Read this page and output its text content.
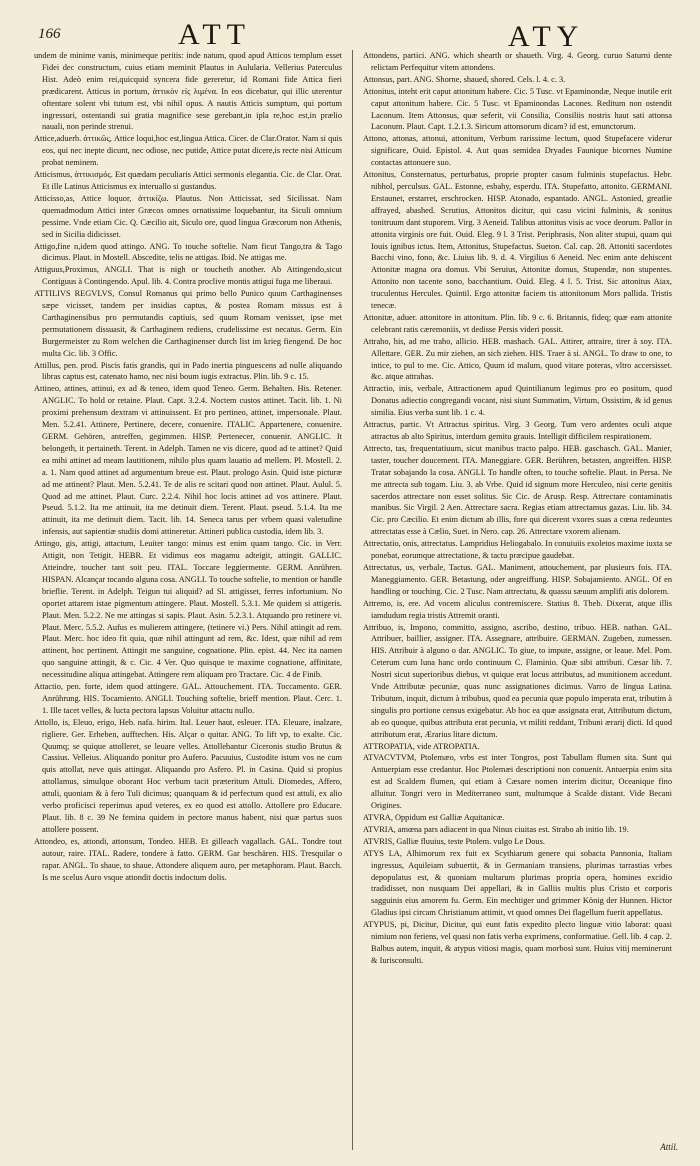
166	ATT	ATY

undem de minime vanis, minimeque peritis: inde natum, quod apud Atticos templum esset Fidei dec constructum, cuius etiam meminit Plautus in Aulularia. Vellerius Paterculus Hist. Adeò enim rei,quicquid syncera fide gereretur, id Romani fide Attica fieri prædicarent. Atticus in portum, ἀττικὸν εἰς λιμένα. In eos dicebatur, qui illic uterentur oftentare solent vbi tutum est, vbi nihil opus. A nautis Atticis sumptum, qui portum ingressuri, ostentandi sui gratia magnifice sese gerebant,in ipla re,hoc est,in prælio nauali, non perinde strenui.

Attice,aduerb. ἀττικῶς, Attice loqui,hoc est,lingua Attica. Cicer. de Clar.Orator. Nam si quis eos, qui nec inepte dicunt, nec odiose, nec putide, Attice putat dicere,is recte nisi Atticum probat neminem.

Atticismus, ἀττικισμός. Est quædam peculiaris Attici sermonis elegantia. Cic. de Clar. Orat. Et ille Latinus Atticismus ex interuallo si gustandus.

Atticisso,as, Attice loquor, ἀττικίζω. Plautus. Non Atticissat, sed Sicilissat. Nam quemadmodum Attici inter Græcos omnes ornatissime loquebantur, ita Siculi omnium pessime. Vnde etiam Cic. Q. Cæcilio ait, Siculo ore, quod lingua Græcorum non Athenis, sed in Sicilia didicisset.

Attigo,fine n,idem quod attingo. ANG. To touche softelie. Nam ficut Tango,tra & Tago dicimus. Plaut. in Mostell. Abscedite, telis ne attigas. Ibid. Ne attigas me.

Attiguus,Proximus, ANGLI. That is nigh or toucheth another. Ab Attingendo,sicut Contiguus à Contingendo. Apul. lib. 4. Contra proclive montis attigui fuga me liberaui.

ATTILIVS REGVLVS, Consul Romanus qui primo bello Punico quum Carthaginenses sæpe vicisset, tandem per insidias captus, & postea Romam missus est à Carthaginensibus pro permutandis captiuis, sed quum Romam venisset, ipse met permutationem dissuasit, & Carthaginem rediens, crudelissime est necatus. Germ. Ein Burgermeister zu Rom welchen die Carthaginenser durch list im krieg fiengend. De hoc multa Cic. lib. 3 Offic.

Attillus, pen. prod. Piscis fatis grandis, qui in Pado inertia pinguescens ad nulle aliquando libras captus est, catenato hamo, nec nisi boum iugis extractus. Plin. lib. 9 c. 15.

Attineo, attines, attinui, ex ad & teneo, idem quod Teneo. Germ. Behalten. His. Retener. ANGLIC. To hold or retaine. Plaut. Capt. 3.2.4. Noctem custos attinet. Tacit. lib. 1. Ni proximi prehensum dextram vi attinuissent. Et pro pertineo, attinet, impersonale. Plaut. Men. 5.2.41. Attinere, Pertinere, decere, conuenire. ITALIC. Appartenere, conuenire. GERM. Gehören, antreffen, gegimmen. HISP. Pertenecer, conuenir. ANGLIC. It belongeth, it pertaineth. Terent. in Adelph. Tamen ne vis dicere, quod ad te attinet? Quid ea mihi attinet ad meam lautitionem, nihilo plus quam lauatio ad mellem. Pl. Mostell. 2. a. 1. Nam quod attinet ad argumentum breue est. Plaut. prologo Asin. Quid istæ picturæ ad me attinent? Plaut. Men. 5.2.41. Te de alis re scitari quod non attinet. Plaut. Aulul. 5. Quod ad me attinet. Plaut. Curc. 2.2.4. Nihil hoc locis attinet ad vos attinere. Plaut. Pseud. 5.1.2. Ita me attinuit, ita me detinuit diem. Terent. Plaut. pseud. 5.1.4. Ita me attinuit, ita me detinuit diem. Tacit. lib. 14. Seneca tarus per vrbem quasi valetudine infensis, aut sapientiæ studiis domi attineretur. Attineri publica custodia, idem lib. 3.

Attingo, gis, attigi, attactum, Leuiter tango: minus est enim quam tango. Cic. in Verr. Attigit, non Tetigit. HEBR. Et vidimus eos magamu adteigit, attingit. GALLIC. Atteindre, toucher tant soit peu. ITAL. Toccare leggiermente. GERM. Anrühren. HISPAN. Alcançar tocando alguna cosa. ANGLI. To touche softelie, to mention or handle brieflie. Terent. in Adelph. Teigun tui aliquid? ad Sl. attigisset, ferres infortunium. No oportet attarem istae pigmentum attingere. Plaut. Mostell. 5.3.1. Me quidem si attigeris. Plaut. Men. 5.2.2. Ne me attingas si sapis. Plaut. Asin. 5.2.3.1. Atquando pro retinere vi. Plaut. Merc. 5.5.2. Aufus es mulierem attingere, (tetinere vi.) Pers. Nihil attingit ad rem. Plaut. Merc. hoc ideo fit quia, quæ nihil attingunt ad rem, &c. Idest, quæ nihil ad rem attinent, hoc pertinent. Attingit me sanguine, cognatione. Plin. epist. 44. Nec ita namen quo sanguine attingit, & c. Cic. 4 Ver. Quo quisque te maxime cognatione, affinitate, necessitudine aliqua attingebat. Attingere rem aliquam pro Tractare. Cic. 4 de Finib.

Attactio, pen. forte, idem quod attingere. GAL. Attouchement. ITA. Toccamento. GER. Anrührung. HIS. Tocamiento. ANGLI. Touching softelie, brieff mention. Plaut. Cerc. 1. 1. Ille tacet velles, & lucta pectora lapsus Voluitur attactu nullo.

Attollo, is, Eleuo, erigo, Heb. nafa. hirim. Ital. Leuer haut, esleuer. ITA. Eleuare, inalzare, rigliere. Ger. Erheben, aufftechen. His. Alçar o quitar. ANG. To lift vp, to exalte. Cic. Quumq; se quique attolleret, se leuare velles. Attollebantur Ciceronis studio Brutus & Cassius. Velleius. Aliquando ponitur pro Aufero. Pacuuius, Custodite istum vos ne cum quis attollat, neve quis attingat. Aliquando pro Asfero. Pl. in Casina. Quid si propius attollamus, simulque oborant Hoc verbum tacit præteritum Attuli. Diomedes, Affero, attuli, quoniam & à fero Tuli dicimus; quanquam & id perfectum quod est attuli, ex alio verbo proficisci reperimus apud veteres, ex eo quod est attollo. Attollere pro Educare. Plaut. lib. 8 c. 39 Ne femina quidem in pectore manus habent, nisi quæ partus suos attollere possent.

Attondeo, es, attondi, attonsum, Tondeo. HEB. Et gilleach vagallach. GAL. Tondre tout autour, raire. ITAL. Radere, tondere à fatto. GERM. Gar beschären. HIS. Tresquilar o rapar. ANGL. To shaue, to shaue. Attondere aliquem auro, per metaphoram. Plaut. Bacch. Is me scelus Auro vsque attondit doctis indoctum dolis.

Attondens, partici. ANG. which shearth or shaueth. Virg. 4. Georg. curuo Saturni dente relictam Perfequitur vitem attondens.

Attonsus, part. ANG. Shorne, shaued, shored. Cels. l. 4. c. 3.

Attonitus, inteht erit caput attonitum habere. Cic. 5 Tusc. vt Epaminondæ, Neque inutile erit caput attonitum habere. Cic. 5 Tusc. vt Epaminondas Lacones. Reditum non ostendit Laconum. Item Attonsus, quæ seferit, vii Consilia, Consiliis nostris haut sati attonsa Laconum. Plaut. Capt. 1.2.1.3. Siricum attonsorum dicam? id est, emunctorum.

Attono, attonas, attonui, attonitum, Verbum rarissime lectum, quod Stupefacere viderur significare, Ouid. Epistol. 4. Aut quas semidea Dryades Faunique bicornes Numine contactas attonuere suo.

Attonitus, Consternatus, perturbatus, proprie propter casum fulminis stupefactus. Hebr. nibhol, perculsus. GAL. Estonne, esbahy, esperdu. ITA. Stupefatto, attonito. GERMANI. Erstaunet, erstarret, erschrocken. HISP. Atonado, espantado. ANGL. Astonied, greatlie affrayed, abashed. Scrutius, Attonitos dicitur, qui casu vicini fulminis, & sonitus tonitruum dant stuporem. Virg. 3 Aeneid. Talibus attonitus visis ac voce deorum. Pallor in attonita virginis ore fuit. Ouid. Eleg. 9 l. 3 Trist. Periphrasis, Non aliter stupui, quam qui Iouis ignibus ictus. Item, Attonitus, Stupefactus. Sueton. Cal. cap. 28. Attoniti sacerdotes Bacchi vino, fono, &c. Liuius lib. 9. d. 4. Virgilius 6 Aeneid. Nec enim ante dehiscent Attonitæ magna ora domus. Vbi Seruius, Attonitæ domus, Stupendæ, non stupentes. Attonito non tacente sono, bacchantium. Ouid. Eleg. 4 l. 5. Trist. Sic attonitus Aiax, truculentus Hercules. Quintil. Ergo attonitæ faciem tis attonitonum Mors pallida. Tristis tenecæ.

Attonitæ, aduer. attonitore in attonitum. Plin. lib. 9 c. 6. Britannis, fideq; quæ eam attonite celebrant ratis cæremoniis, vt dedisse Persis videri possit.

Attraho, his, ad me traho, allicio. HEB. mashach. GAL. Attirer, attraire, tirer à soy. ITA. Allettare. GER. Zu mir ziehen, an sich ziehen. HIS. Traer à si. ANGL. To draw to one, to intice, to pul to me. Cic. Attico, Quum id malum, quod vitare poteras, vltro accersisset. &c. atque attrahas.

Attractio, inis, verbale, Attractionem apud Quintilianum legimus pro eo positum, quod Donatus adiectio congregandi vocant, nisi siunt Summatim, Virtum, Ossistim, & id genus similia. Eius verba sunt lib. 1 c. 4.

Attractus, partic. Vt Attractus spiritus. Virg. 3 Georg. Tum vero ardentes oculi atque attractus ab alto Spiritus, interdum gemitu grauis. Intelligit difficilem respirationem.

Attrecto, tas, frequentatiuum, sicut manibus tracto palpo. HEB. gaschasch. GAL. Manier, taster, toucher doucement. ITA. Maneggiare. GER. Berühren, betasten, angreiffen. HISP. Tratar sobajando la cosa. ANGLI. To handle often, to touche softelie. Plaut. in Persa. Ne me attrecta sub togam. Liu. 3. ab Vrbe. Quid id signum more Herculeo, nisi certe genitis sacerdos attrectare non esset solitus. Sic Cic. de Arusp. Resp. Attrectare contaminatis manibus. Sic Virgil. 2 Aen. Attrectare sacra. Regias etiam attrectamus gazas. Liu. lib. 34. Cic. pro Cæcilio. Et enim dictum ab illis, fore qui dicerent vxores suas a cœna redeuntes attrectatas esse à Cælio, Suet. in Nero. cap. 26. Attrectare vxorem alienam.

Attrectatio, onis, attrectatus. Lampridius Heliogabalo. In conuiuiis exoletos maxime iuxta se ponebat, eorumque attrectatione, & tactu præcipue gaudebat.

Attrectatus, us, verbale, Tactus. GAL. Maniment, attouchement, par plusieurs fois. ITA. Maneggiamento. GER. Betastung, oder angreiffung. HISP. Sobajamiento. ANGL. Of en handling or touching. Cic. 2 Tusc. Nam attrectatu, & quassu sæuum amplifi atis dolorem.

Attremo, is, ere. Ad vocem aliculus contremiscere. Statius 8. Theb. Dixerat, atque illis iamdudum regia tristis Attremit oranti.

Attribuo, is, Impono, committo, assigno, ascribo, destino, tribuo. HEB. nathan. GAL. Attribuer, baillier, assigner. ITA. Assegnare, attribuire. GERMAN. Zugeben, zumessen. HIS. Attribuir à alguno o dar. ANGLIC. To giue, to impute, assigne, or leaue. Mel. Pom. Ceterum cum luna hanc ordo continuum C. Flaminio. Quæ sibi attributi. Cæsar lib. 7. Nostri sicut superioribus diebus, vt quique erat locus attributus, ad munitionem accedunt. Vnde Attributæ pecuniæ, quas nunc assignationes dicimus. Varro de lingua Latina. Tributum, inquit, dictum à tribubus, quod ea pecunia quæ populo imperata erat, tributim à singulis pro portione census exigebatur. Ab hoc ea quæ assignata erat, Attributum dictum, ab eo quoque, quibus attributa erat pecunia, vt militi reddant, Tribuni ærarij dicti. Id quod attributum erat, Ærarius litare dictum.

ATTROPATIA, vide ATROPATIA.

ATVACVTVM, Ptolemæo, vrbs est inter Tongros, post Tabullam flumen sita. Sunt qui Antuerpiam esse credantur. Hoc Ptolemæi descriptioni non conuenit. Antuerpia enim sita est ad Scaldem flumen, qui etiam à Cæsare nomen interim dicitur, Oceanique fino alluitur. Tongri vero in Mediterraneo sunt, multumque à Scalde distant. Vide Becani Origines.

ATVRA, Oppidum est Galliæ Aquitanicæ.

ATVRIA, amœna pars adiacent in qua Ninus ciuitas est. Strabo ab initio lib. 19.

ATVRIS, Galliæ fluuius, teste Ptolem. vulgo Le Dous.

ATYS LA, Alhimorum rex fuit ex Scythiarum genere qui sobacta Pannonia, Italiam ingressus, Aquileiam subuertit, & in Germaniam transiens, plurimas tarrastias vrbes depopulatus est, & quoniam multarum plurimas propria opera, homines excidio tradidisset, non nusquam Dei appellari, & in Galliis multis plus Cristo et corporis sagguinis eius amorem fu. Germ. Ein mechtiger und grimmer König der Hunnen. Hictor Gladius ipsi circam Christianum attimit, vt quod omnes Dei flagellum fuerit appellatus.

ATYPUS, pi, Dicitur, Dicitur, qui eunt fatis expedito plecto linguæ vitio laborat: quasi nimium non feriens, vel quasi non fatis verba exprimens, conformatiue. Gell. lib. 4 cap. 2. Balbus autem, inquit, & atypus vitiosi magis, quam morbosi sunt. Huius vitij meminerunt & Iurisconsulti.

Attil.
